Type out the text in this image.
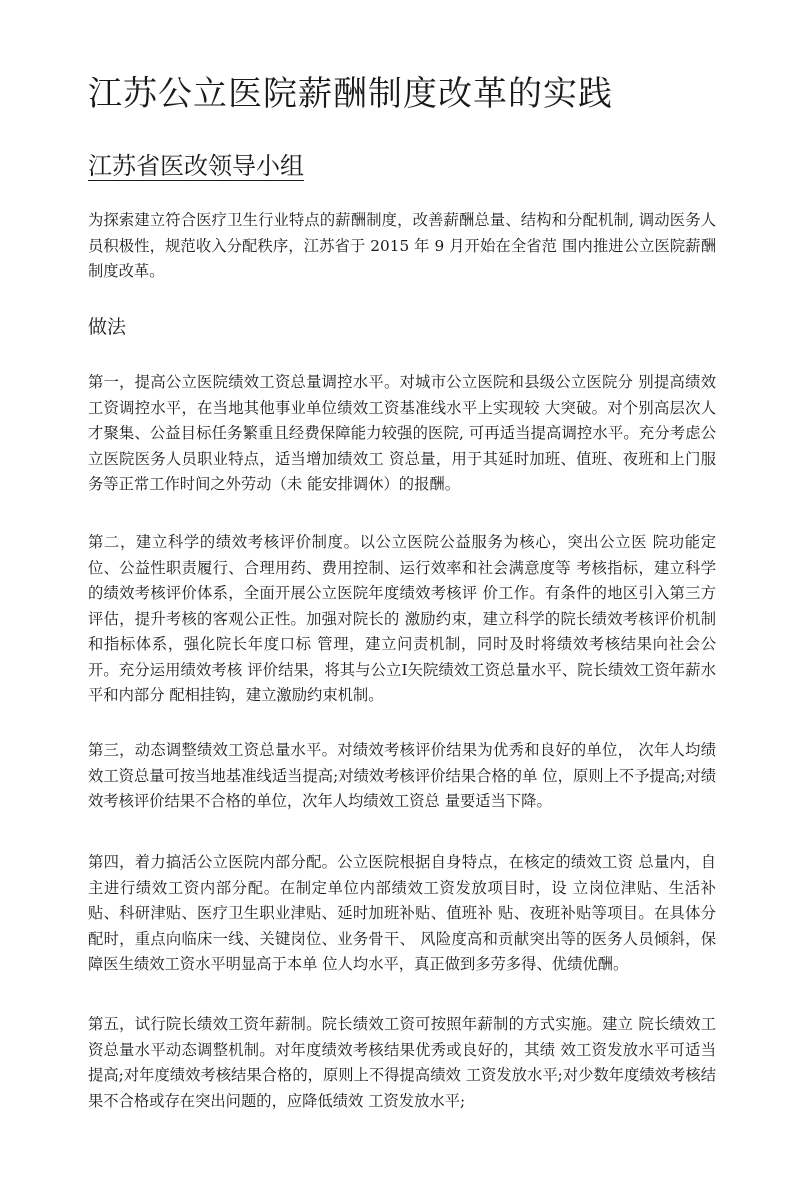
江苏公立医院薪酬制度改革的实践
江苏省医改领导小组

为探索建立符合医疗卫生行业特点的薪酬制度，改善薪酬总量、结构和分配机制, 调动医务人员积极性，规范收入分配秩序，江苏省于 2015 年 9 月开始在全省范 围内推进公立医院薪酬制度改革。

做法

第一，提高公立医院绩效工资总量调控水平。对城市公立医院和县级公立医院分 别提高绩效工资调控水平，在当地其他事业单位绩效工资基准线水平上实现较 大突破。对个别高层次人才聚集、公益目标任务繁重且经费保障能力较强的医院, 可再适当提高调控水平。充分考虑公立医院医务人员职业特点，适当增加绩效工 资总量，用于其延时加班、值班、夜班和上门服务等正常工作时间之外劳动（未 能安排调休）的报酬。

第二，建立科学的绩效考核评价制度。以公立医院公益服务为核心，突出公立医 院功能定位、公益性职责履行、合理用药、费用控制、运行效率和社会满意度等 考核指标，建立科学的绩效考核评价体系，全面开展公立医院年度绩效考核评 价工作。有条件的地区引入第三方评估，提升考核的客观公正性。加强对院长的 激励约束，建立科学的院长绩效考核评价机制和指标体系，强化院长年度口标 管理，建立问责机制，同时及时将绩效考核结果向社会公开。充分运用绩效考核 评价结果，将其与公立I矢院绩效工资总量水平、院长绩效工资年薪水平和内部分 配相挂钩，建立激励约束机制。

第三，动态调整绩效工资总量水平。对绩效考核评价结果为优秀和良好的单位， 次年人均绩效工资总量可按当地基准线适当提高;对绩效考核评价结果合格的单 位，原则上不予提高;对绩效考核评价结果不合格的单位，次年人均绩效工资总 量要适当下降。

第四，着力搞活公立医院内部分配。公立医院根据自身特点，在核定的绩效工资 总量内，自主进行绩效工资内部分配。在制定单位内部绩效工资发放项目时，设 立岗位津贴、生活补贴、科研津贴、医疗卫生职业津贴、延时加班补贴、值班补 贴、夜班补贴等项目。在具体分配时，重点向临床一线、关键岗位、业务骨干、 风险度高和贡献突出等的医务人员倾斜，保障医生绩效工资水平明显高于本单 位人均水平，真正做到多劳多得、优绩优酬。

第五，试行院长绩效工资年薪制。院长绩效工资可按照年薪制的方式实施。建立 院长绩效工资总量水平动态调整机制。对年度绩效考核结果优秀或良好的，其绩 效工资发放水平可适当提高;对年度绩效考核结果合格的，原则上不得提高绩效 工资发放水平;对少数年度绩效考核结果不合格或存在突出问题的，应降低绩效 工资发放水平;
